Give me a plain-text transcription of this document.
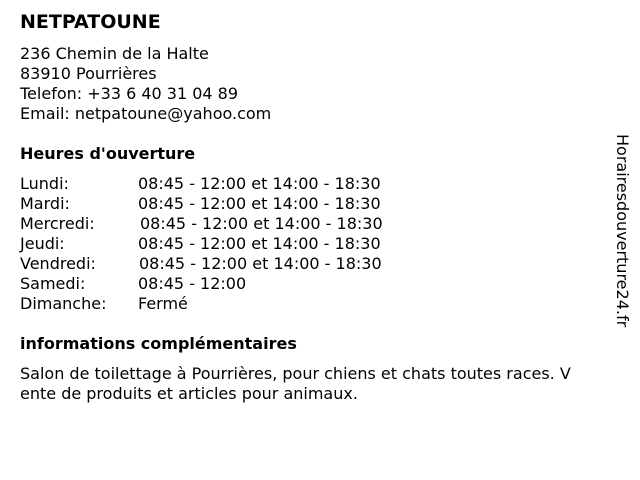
NETPATOUNE
236 Chemin de la Halte
83910 Pourrières
Telefon: +33 6 40 31 04 89
Email: netpatoune@yahoo.com
Heures d'ouverture
Lundi:	08:45 - 12:00 et 14:00 - 18:30
Mardi:	08:45 - 12:00 et 14:00 - 18:30
Mercredi:	08:45 - 12:00 et 14:00 - 18:30
Jeudi:	08:45 - 12:00 et 14:00 - 18:30
Vendredi:	08:45 - 12:00 et 14:00 - 18:30
Samedi:	08:45 - 12:00
Dimanche: Fermé
informations complémentaires
Salon de toilettage à Pourrières, pour chiens et chats toutes races. V
ente de produits et articles pour animaux.
Horairesdouverture24.fr
